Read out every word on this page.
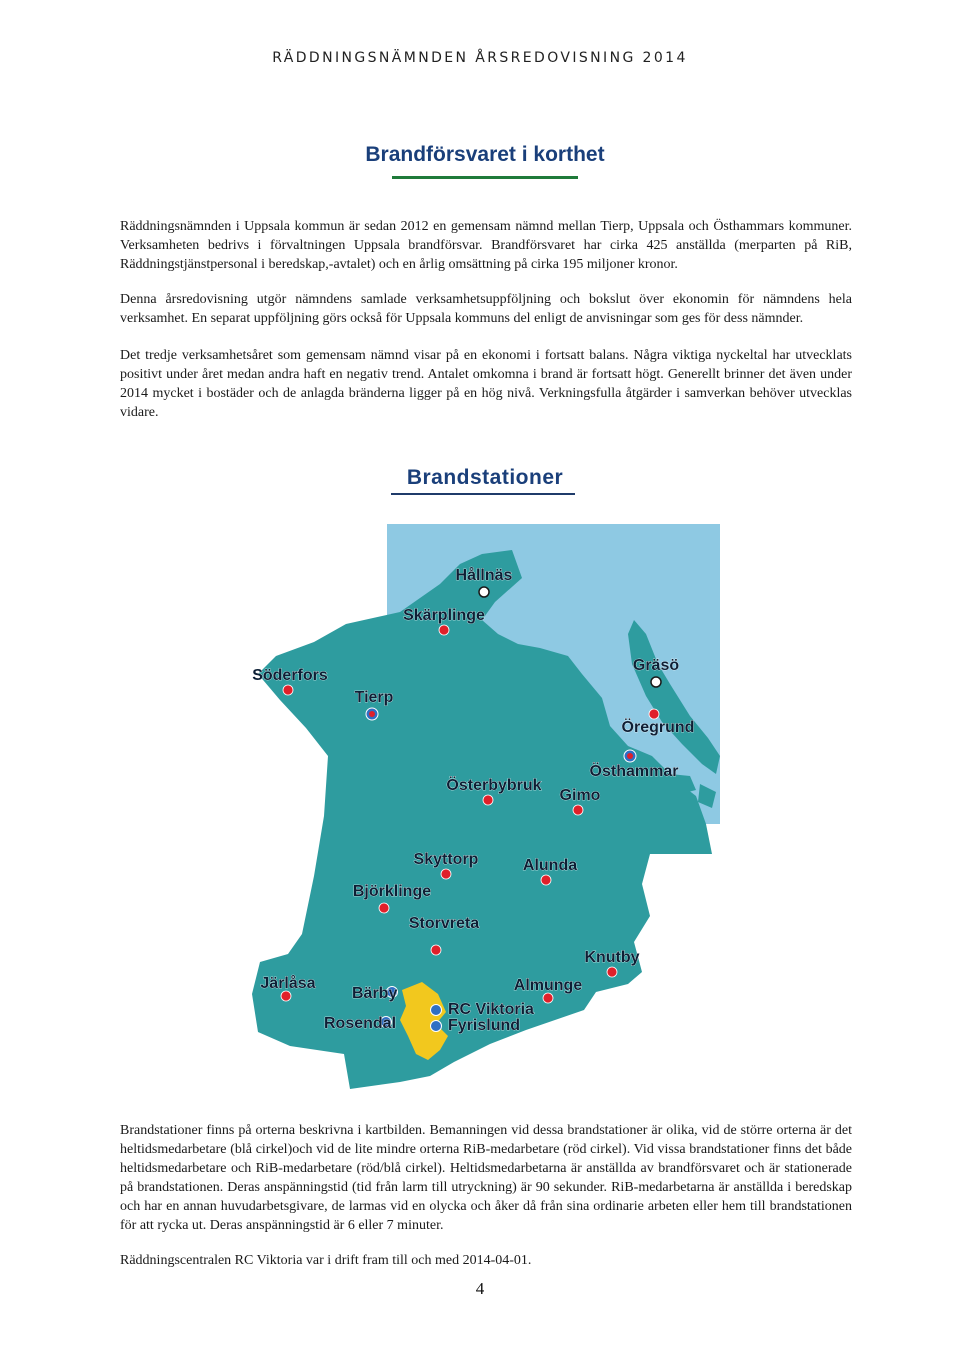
RÄDDNINGSNÄMNDEN ÅRSREDOVISNING 2014
Brandförsvaret i korthet

Räddningsnämnden i Uppsala kommun är sedan 2012 en gemensam nämnd mellan Tierp, Uppsala och Östhammars kommuner. Verksamheten bedrivs i förvaltningen Uppsala brandförsvar. Brandförsvaret har cirka 425 anställda (merparten på RiB, Räddningstjänstpersonal i beredskap,-avtalet) och en årlig omsättning på cirka 195 miljoner kronor.

Denna årsredovisning utgör nämndens samlade verksamhetsuppföljning och bokslut över ekonomin för nämndens hela verksamhet. En separat uppföljning görs också för Uppsala kommuns del enligt de anvisningar som ges för dess nämnder.

Det tredje verksamhetsåret som gemensam nämnd visar på en ekonomi i fortsatt balans. Några viktiga nyckeltal har utvecklats positivt under året medan andra haft en negativ trend. Antalet omkomna i brand är fortsatt högt. Generellt brinner det även under 2014 mycket i bostäder och de anlagda bränderna ligger på en hög nivå. Verkningsfulla åtgärder i samverkan behöver utvecklas vidare.

Brandstationer
Hållnäs
Skärplinge
Söderfors
Tierp
Gräsö
Öregrund
Östhammar
Österbybruk
Gimo
Skyttorp	Alunda
Björklinge
Storvreta
Knutby
Järlåsa
Bärby	Almunge
RC Viktoria
Rosendal	Fyrislund

Brandstationer finns på orterna beskrivna i kartbilden. Bemanningen vid dessa brandstationer är olika, vid de större orterna är det heltidsmedarbetare (blå cirkel)och vid de lite mindre orterna RiB-medarbetare (röd cirkel). Vid vissa brandstationer finns det både heltidsmedarbetare och RiB-medarbetare (röd/blå cirkel). Heltidsmedarbetarna är anställda av brandförsvaret och är stationerade på brandstationen. Deras anspänningstid (tid från larm till utryckning) är 90 sekunder. RiB-medarbetarna är anställda i beredskap och har en annan huvudarbetsgivare, de larmas vid en olycka och åker då från sina ordinarie arbeten eller hem till brandstationen för att rycka ut. Deras anspänningstid är 6 eller 7 minuter.

Räddningscentralen RC Viktoria var i drift fram till och med 2014-04-01.

4
